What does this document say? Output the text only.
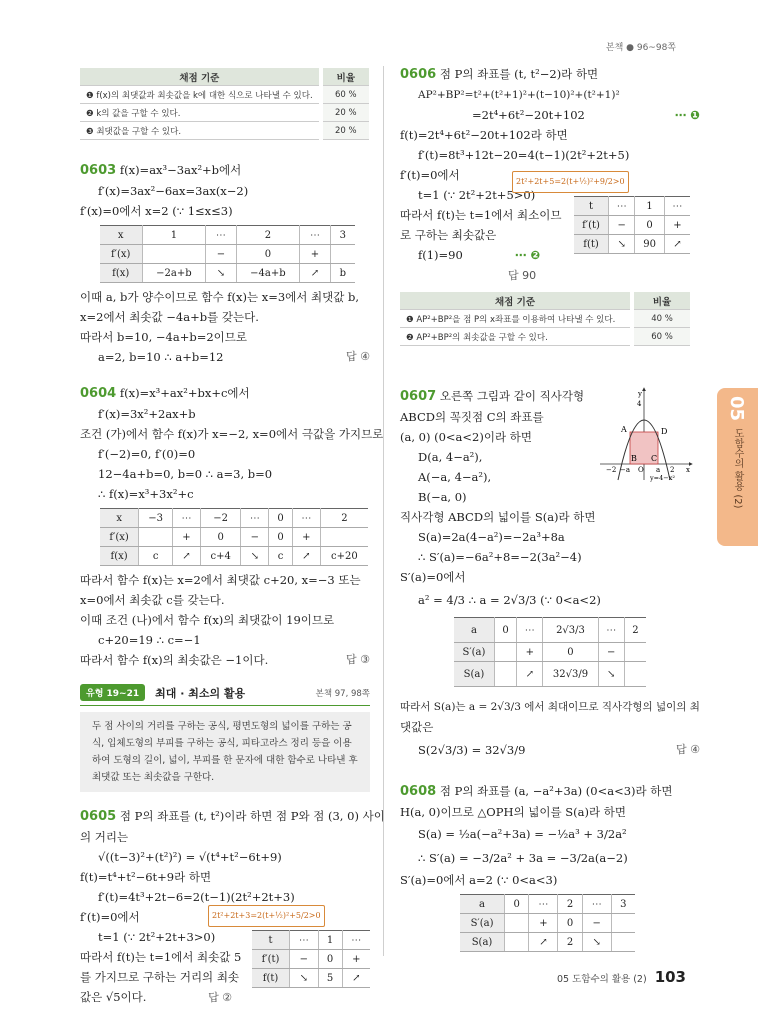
본책 ● 96~98쪽
05
도함수의 활용 (2)
채점 기준	비율
❶ f(x)의 최댓값과 최솟값을 k에 대한 식으로 나타낼 수 있다.	60 %
❷ k의 값을 구할 수 있다.	20 %
❸ 최댓값을 구할 수 있다.	20 %
0603 f(x)=ax³−3ax²+b에서
f′(x)=3ax²−6ax=3ax(x−2)
f′(x)=0에서 x=2 (∵ 1≤x≤3)
x	1	⋯	2	⋯	3
f′(x)		−	0	+	
f(x)	−2a+b	↘	−4a+b	↗	b
이때 a, b가 양수이므로 함수 f(x)는 x=3에서 최댓값 b,
x=2에서 최솟값 −4a+b를 갖는다.
따라서 b=10, −4a+b=2이므로
a=2, b=10 ∴ a+b=12	답 ④
0604 f(x)=x³+ax²+bx+c에서
f′(x)=3x²+2ax+b
조건 (가)에서 함수 f(x)가 x=−2, x=0에서 극값을 가지므로
f′(−2)=0, f′(0)=0
12−4a+b=0, b=0 ∴ a=3, b=0
∴ f(x)=x³+3x²+c
x	−3	⋯	−2	⋯	0	⋯	2
f′(x)		+	0	−	0	+	
f(x)	c	↗	c+4	↘	c	↗	c+20
따라서 함수 f(x)는 x=2에서 최댓값 c+20, x=−3 또는
x=0에서 최솟값 c를 갖는다.
이때 조건 (나)에서 함수 f(x)의 최댓값이 19이므로
c+20=19 ∴ c=−1
따라서 함수 f(x)의 최솟값은 −1이다.	답 ③
유형 19~21	최대 · 최소의 활용	본책 97, 98쪽
두 점 사이의 거리를 구하는 공식, 평면도형의 넓이를 구하는 공식, 입체도형의 부피를 구하는 공식, 피타고라스 정리 등을 이용하여 도형의 길이, 넓이, 부피를 한 문자에 대한 함수로 나타낸 후 최댓값 또는 최솟값을 구한다.
0605 점 P의 좌표를 (t, t²)이라 하면 점 P와 점 (3, 0) 사이
의 거리는
√((t−3)²+(t²)²) = √(t⁴+t²−6t+9)
f(t)=t⁴+t²−6t+9라 하면
f′(t)=4t³+2t−6=2(t−1)(2t²+2t+3)
f′(t)=0에서	2t²+2t+3=2(t+½)²+5/2>0
t=1 (∵ 2t²+2t+3>0)
따라서 f(t)는 t=1에서 최솟값 5
를 가지므로 구하는 거리의 최솟
값은 √5이다.	답 ②
t	⋯	1	⋯
f′(t)	−	0	+
f(t)	↘	5	↗
0606 점 P의 좌표를 (t, t²−2)라 하면
AP²+BP²=t²+(t²+1)²+(t−10)²+(t²+1)²
=2t⁴+6t²−20t+102	⋯ ❶
f(t)=2t⁴+6t²−20t+102라 하면
f′(t)=8t³+12t−20=4(t−1)(2t²+2t+5)
f′(t)=0에서
t=1 (∵ 2t²+2t+5>0)
2t²+2t+5=2(t+½)²+9/2>0
따라서 f(t)는 t=1에서 최소이므
로 구하는 최솟값은
f(1)=90	⋯ ❷
답 90
t	⋯	1	⋯
f′(t)	−	0	+
f(t)	↘	90	↗
채점 기준	비율
❶ AP²+BP²을 점 P의 x좌표를 이용하여 나타낼 수 있다.	40 %
❷ AP²+BP²의 최솟값을 구할 수 있다.	60 %
0607 오른쪽 그림과 같이 직사각형
ABCD의 꼭짓점 C의 좌표를
(a, 0) (0<a<2)이라 하면
D(a, 4−a²),
A(−a, 4−a²),
B(−a, 0)
직사각형 ABCD의 넓이를 S(a)라 하면
S(a)=2a(4−a²)=−2a³+8a
∴ S′(a)=−6a²+8=−2(3a²−4)
S′(a)=0에서
a² = 4/3 ∴ a = 2√3/3 (∵ 0<a<2)
a	0	⋯	2√3/3	⋯	2
S′(a)		+	0	−	
S(a)		↗	32√3/9	↘	
따라서 S(a)는 a = 2√3/3 에서 최대이므로 직사각형의 넓이의 최
댓값은
S(2√3/3) = 32√3/9	답 ④
y
4
A	D
B C
−2 −a O a 2 x
y=4−x²
0608 점 P의 좌표를 (a, −a²+3a) (0<a<3)라 하면
H(a, 0)이므로 △OPH의 넓이를 S(a)라 하면
S(a) = ½a(−a²+3a) = −½a³ + 3/2a²
∴ S′(a) = −3/2a² + 3a = −3/2a(a−2)
S′(a)=0에서 a=2 (∵ 0<a<3)
a	0	⋯	2	⋯	3
S′(a)		+	0	−	
S(a)		↗	2	↘	
05 도함수의 활용 (2) 103
